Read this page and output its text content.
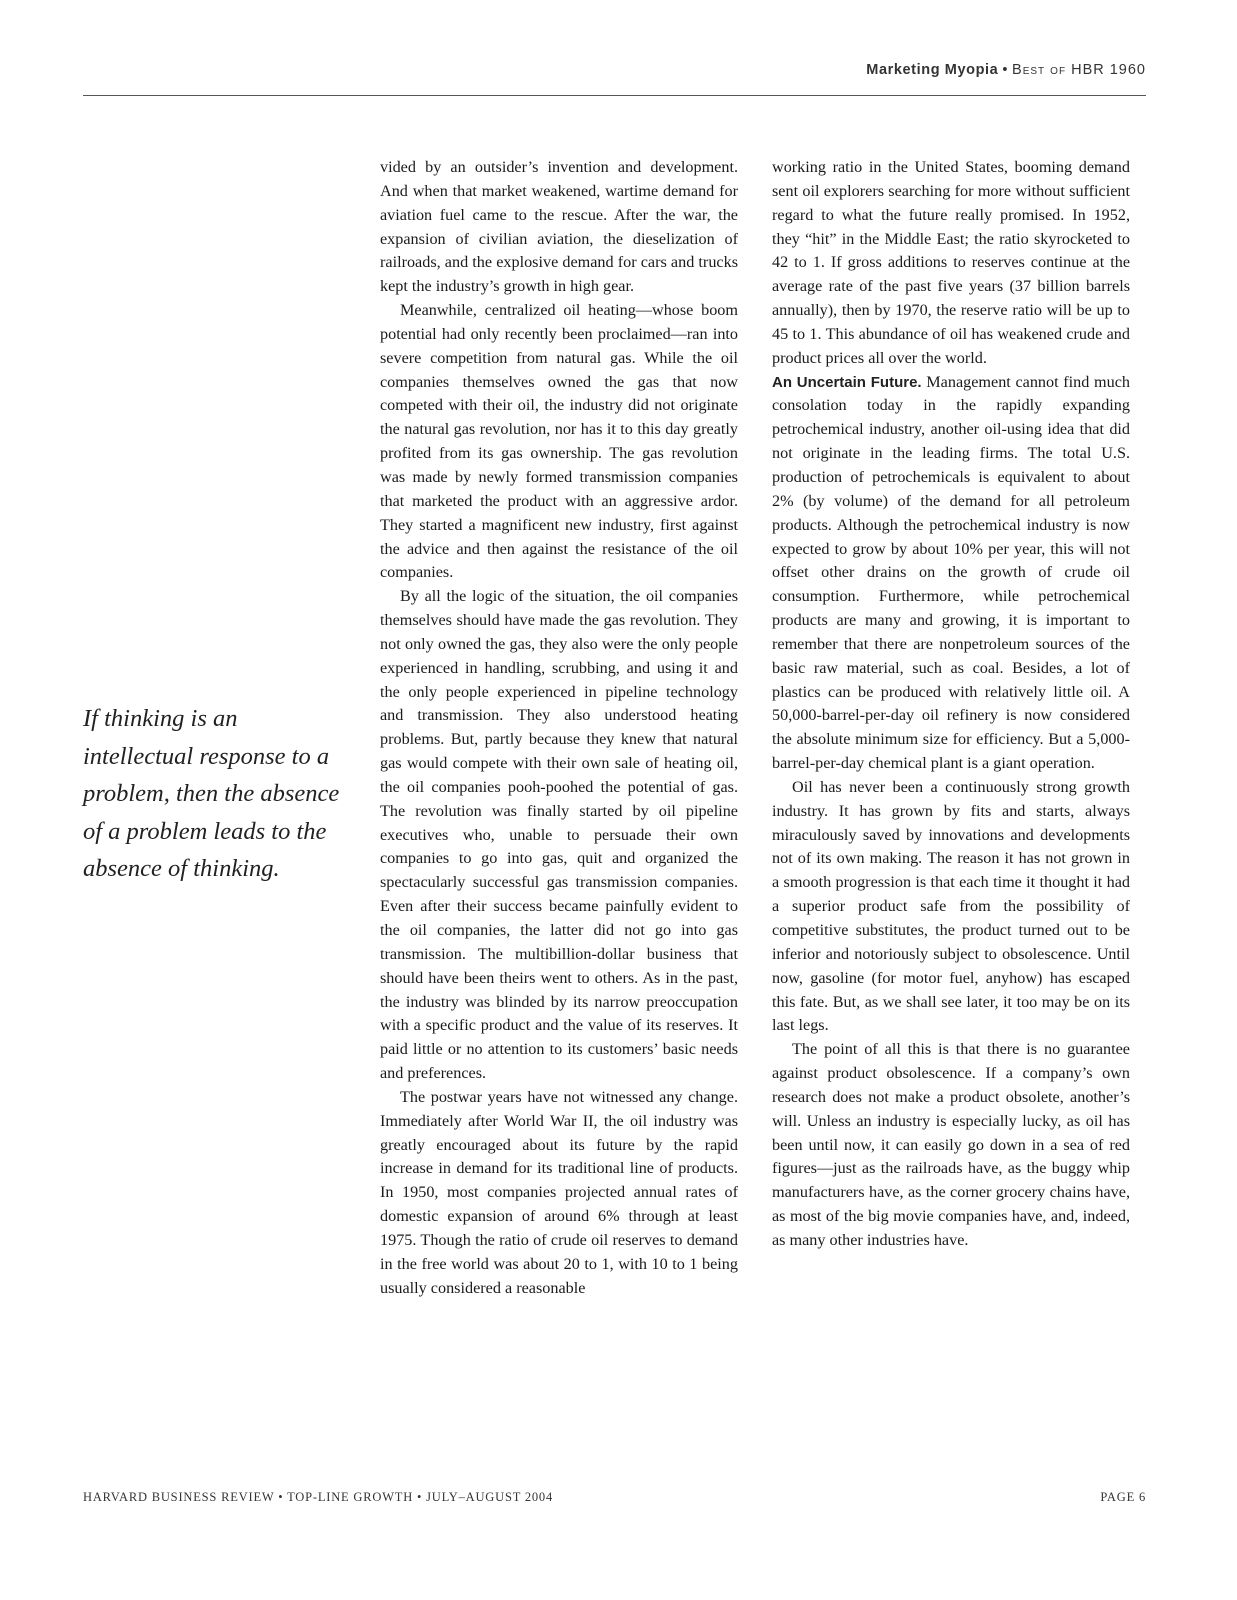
Marketing Myopia • Best of HBR 1960
If thinking is an intellectual response to a problem, then the absence of a problem leads to the absence of thinking.

vided by an outsider’s invention and development. And when that market weakened, wartime demand for aviation fuel came to the rescue. After the war, the expansion of civilian aviation, the dieselization of railroads, and the explosive demand for cars and trucks kept the industry’s growth in high gear.

Meanwhile, centralized oil heating—whose boom potential had only recently been proclaimed—ran into severe competition from natural gas. While the oil companies themselves owned the gas that now competed with their oil, the industry did not originate the natural gas revolution, nor has it to this day greatly profited from its gas ownership. The gas revolution was made by newly formed transmission companies that marketed the product with an aggressive ardor. They started a magnificent new industry, first against the advice and then against the resistance of the oil companies.

By all the logic of the situation, the oil companies themselves should have made the gas revolution. They not only owned the gas, they also were the only people experienced in handling, scrubbing, and using it and the only people experienced in pipeline technology and transmission. They also understood heating problems. But, partly because they knew that natural gas would compete with their own sale of heating oil, the oil companies pooh-poohed the potential of gas. The revolution was finally started by oil pipeline executives who, unable to persuade their own companies to go into gas, quit and organized the spectacularly successful gas transmission companies. Even after their success became painfully evident to the oil companies, the latter did not go into gas transmission. The multibillion-dollar business that should have been theirs went to others. As in the past, the industry was blinded by its narrow preoccupation with a specific product and the value of its reserves. It paid little or no attention to its customers’ basic needs and preferences.

The postwar years have not witnessed any change. Immediately after World War II, the oil industry was greatly encouraged about its future by the rapid increase in demand for its traditional line of products. In 1950, most companies projected annual rates of domestic expansion of around 6% through at least 1975. Though the ratio of crude oil reserves to demand in the free world was about 20 to 1, with 10 to 1 being usually considered a reasonable

working ratio in the United States, booming demand sent oil explorers searching for more without sufficient regard to what the future really promised. In 1952, they “hit” in the Middle East; the ratio skyrocketed to 42 to 1. If gross additions to reserves continue at the average rate of the past five years (37 billion barrels annually), then by 1970, the reserve ratio will be up to 45 to 1. This abundance of oil has weakened crude and product prices all over the world.

An Uncertain Future. Management cannot find much consolation today in the rapidly expanding petrochemical industry, another oil-using idea that did not originate in the leading firms. The total U.S. production of petrochemicals is equivalent to about 2% (by volume) of the demand for all petroleum products. Although the petrochemical industry is now expected to grow by about 10% per year, this will not offset other drains on the growth of crude oil consumption. Furthermore, while petrochemical products are many and growing, it is important to remember that there are nonpetroleum sources of the basic raw material, such as coal. Besides, a lot of plastics can be produced with relatively little oil. A 50,000-barrel-per-day oil refinery is now considered the absolute minimum size for efficiency. But a 5,000-barrel-per-day chemical plant is a giant operation.

Oil has never been a continuously strong growth industry. It has grown by fits and starts, always miraculously saved by innovations and developments not of its own making. The reason it has not grown in a smooth progression is that each time it thought it had a superior product safe from the possibility of competitive substitutes, the product turned out to be inferior and notoriously subject to obsolescence. Until now, gasoline (for motor fuel, anyhow) has escaped this fate. But, as we shall see later, it too may be on its last legs.

The point of all this is that there is no guarantee against product obsolescence. If a company’s own research does not make a product obsolete, another’s will. Unless an industry is especially lucky, as oil has been until now, it can easily go down in a sea of red figures—just as the railroads have, as the buggy whip manufacturers have, as the corner grocery chains have, as most of the big movie companies have, and, indeed, as many other industries have.

HARVARD BUSINESS REVIEW • TOP-LINE GROWTH • JULY–AUGUST 2004	PAGE 6
